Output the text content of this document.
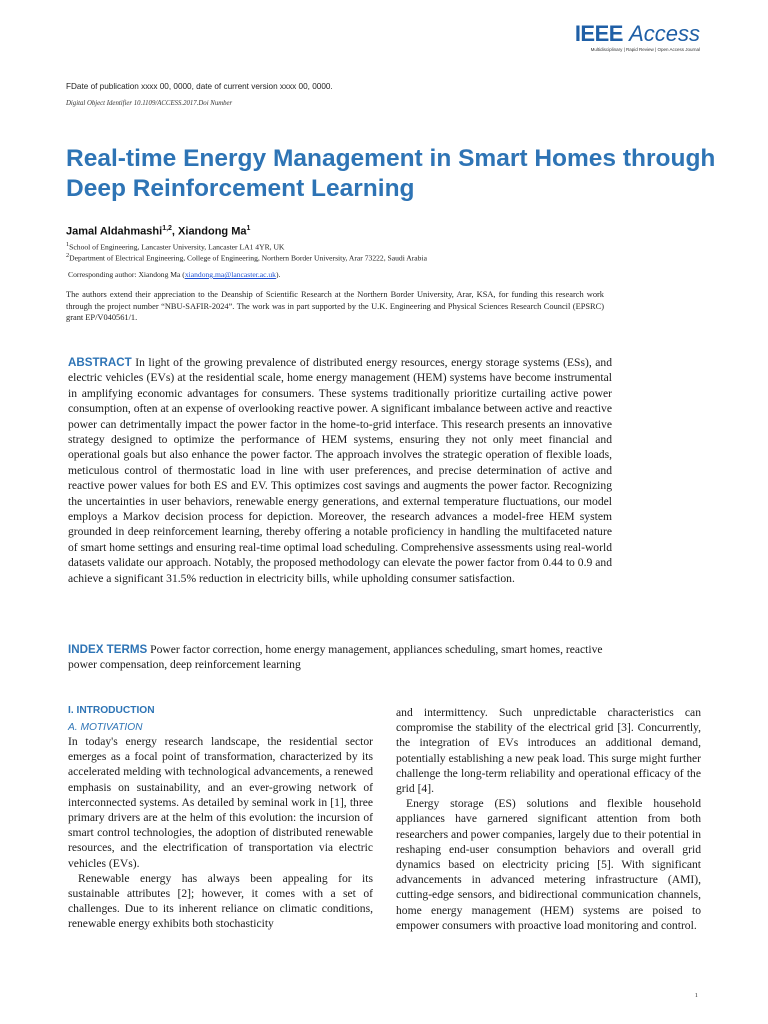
IEEE Access
Multidisciplinary | Rapid Review | Open Access Journal
FDate of publication xxxx 00, 0000, date of current version xxxx 00, 0000.
Digital Object Identifier 10.1109/ACCESS.2017.Doi Number
Real-time Energy Management in Smart Homes through Deep Reinforcement Learning
Jamal Aldahmashi$^{1,2}$, Xiandong Ma$^1$
$^1$School of Engineering, Lancaster University, Lancaster LA1 4YR, UK
$^2$Department of Electrical Engineering, College of Engineering, Northern Border University, Arar 73222, Saudi Arabia
Corresponding author: Xiandong Ma (xiandong.ma@lancaster.ac.uk).

The authors extend their appreciation to the Deanship of Scientific Research at the Northern Border University, Arar, KSA, for funding this research work through the project number “NBU-SAFIR-2024”. The work was in part supported by the U.K. Engineering and Physical Sciences Research Council (EPSRC) grant EP/V040561/1.

ABSTRACT In light of the growing prevalence of distributed energy resources, energy storage systems (ESs), and electric vehicles (EVs) at the residential scale, home energy management (HEM) systems have become instrumental in amplifying economic advantages for consumers. These systems traditionally prioritize curtailing active power consumption, often at an expense of overlooking reactive power. A significant imbalance between active and reactive power can detrimentally impact the power factor in the home-to-grid interface. This research presents an innovative strategy designed to optimize the performance of HEM systems, ensuring they not only meet financial and operational goals but also enhance the power factor. The approach involves the strategic operation of flexible loads, meticulous control of thermostatic load in line with user preferences, and precise determination of active and reactive power values for both ES and EV. This optimizes cost savings and augments the power factor. Recognizing the uncertainties in user behaviors, renewable energy generations, and external temperature fluctuations, our model employs a Markov decision process for depiction. Moreover, the research advances a model-free HEM system grounded in deep reinforcement learning, thereby offering a notable proficiency in handling the multifaceted nature of smart home settings and ensuring real-time optimal load scheduling. Comprehensive assessments using real-world datasets validate our approach. Notably, the proposed methodology can elevate the power factor from 0.44 to 0.9 and achieve a significant 31.5% reduction in electricity bills, while upholding consumer satisfaction.

INDEX TERMS Power factor correction, home energy management, appliances scheduling, smart homes, reactive power compensation, deep reinforcement learning

I. INTRODUCTION
A. MOTIVATION

In today's energy research landscape, the residential sector emerges as a focal point of transformation, characterized by its accelerated melding with technological advancements, a renewed emphasis on sustainability, and an ever-growing network of interconnected systems. As detailed by seminal work in [1], three primary drivers are at the helm of this evolution: the incursion of smart control technologies, the adoption of distributed renewable resources, and the electrification of transportation via electric vehicles (EVs).

Renewable energy has always been appealing for its sustainable attributes [2]; however, it comes with a set of challenges. Due to its inherent reliance on climatic conditions, renewable energy exhibits both stochasticity

and intermittency. Such unpredictable characteristics can compromise the stability of the electrical grid [3]. Concurrently, the integration of EVs introduces an additional demand, potentially establishing a new peak load. This surge might further challenge the long-term reliability and operational efficacy of the grid [4].

Energy storage (ES) solutions and flexible household appliances have garnered significant attention from both researchers and power companies, largely due to their potential in reshaping end-user consumption behaviors and overall grid dynamics based on electricity pricing [5]. With significant advancements in advanced metering infrastructure (AMI), cutting-edge sensors, and bidirectional communication channels, home energy management (HEM) systems are poised to empower consumers with proactive load monitoring and control.

1
